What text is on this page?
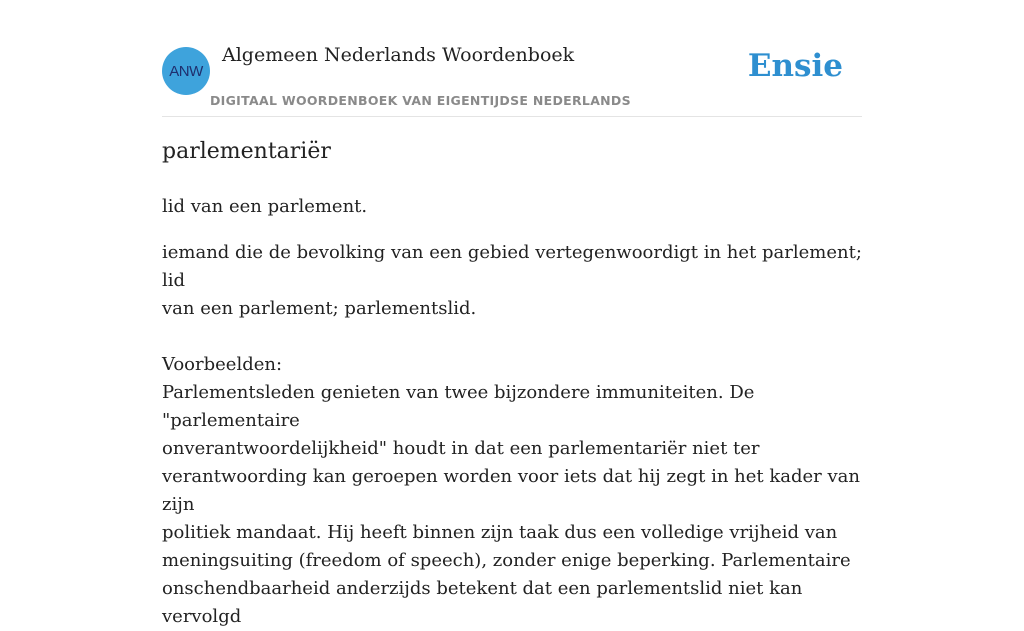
ANW
Algemeen Nederlands Woordenboek
DIGITAAL WOORDENBOEK VAN EIGENTIJDSE NEDERLANDS
Ensie
parlementariër
lid van een parlement.

iemand die de bevolking van een gebied vertegenwoordigt in het parlement; lid

van een parlement; parlementslid.

Voorbeelden:

Parlementsleden genieten van twee bijzondere immuniteiten. De "parlementaire

onverantwoordelijkheid" houdt in dat een parlementariër niet ter

verantwoording kan geroepen worden voor iets dat hij zegt in het kader van zijn

politiek mandaat. Hij heeft binnen zijn taak dus een volledige vrijheid van

meningsuiting (freedom of speech), zonder enige beperking. Parlementaire

onschendbaarheid anderzijds betekent dat een parlementslid niet kan vervolgd
